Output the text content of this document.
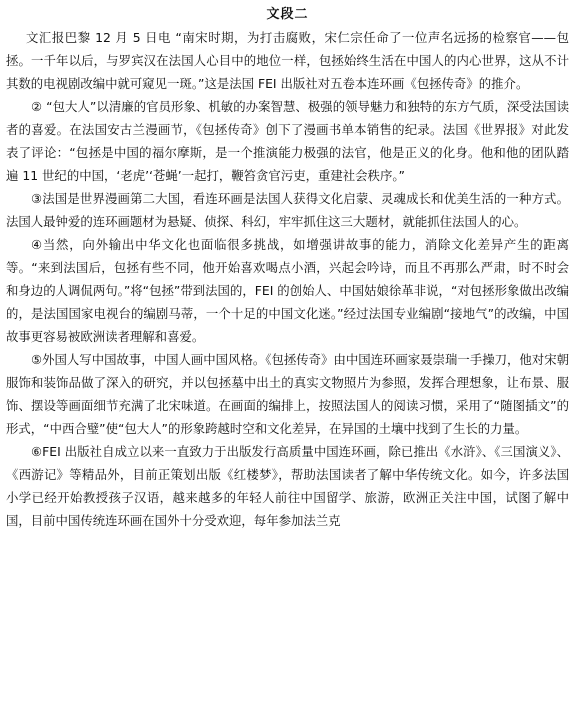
文段二

文汇报巴黎 12 月 5 日电 “南宋时期，为打击腐败，宋仁宗任命了一位声名远扬的检察官——包拯。一千年以后，与罗宾汉在法国人心目中的地位一样，包拯始终生活在中国人的内心世界，这从不计其数的电视剧改编中就可窥见一斑。”这是法国 FEI 出版社对五卷本连环画《包拯传奇》的推介。

② “包大人”以清廉的官员形象、机敏的办案智慧、极强的领导魅力和独特的东方气质，深受法国读者的喜爱。在法国安古兰漫画节，《包拯传奇》创下了漫画书单本销售的纪录。法国《世界报》对此发表了评论：“包拯是中国的福尔摩斯，是一个推演能力极强的法官，他是正义的化身。他和他的团队踏遍 11 世纪的中国，‘老虎’‘苍蝇’一起打，鞭笞贪官污吏，重建社会秩序。”

③法国是世界漫画第二大国，看连环画是法国人获得文化启蒙、灵魂成长和优美生活的一种方式。法国人最钟爱的连环画题材为悬疑、侦探、科幻，牢牢抓住这三大题材，就能抓住法国人的心。

④当然，向外输出中华文化也面临很多挑战，如增强讲故事的能力，消除文化差异产生的距离等。“来到法国后，包拯有些不同，他开始喜欢喝点小酒，兴起会吟诗，而且不再那么严肃，时不时会和身边的人调侃两句。”将“包拯”带到法国的，FEI 的创始人、中国姑娘徐革非说，“对包拯形象做出改编的，是法国国家电视台的编剧马蒂，一个十足的中国文化迷。”经过法国专业编剧“接地气”的改编，中国故事更容易被欧洲读者理解和喜爱。

⑤外国人写中国故事，中国人画中国风格。《包拯传奇》由中国连环画家聂崇瑞一手操刀，他对宋朝服饰和装饰品做了深入的研究，并以包拯墓中出土的真实文物照片为参照，发挥合理想象，让布景、服饰、摆设等画面细节充满了北宋味道。在画面的编排上，按照法国人的阅读习惯，采用了“随图插文”的形式，“中西合璧”使“包大人”的形象跨越时空和文化差异，在异国的土壤中找到了生长的力量。

⑥FEI 出版社自成立以来一直致力于出版发行高质量中国连环画，除已推出《水浒》、《三国演义》、《西游记》等精品外，目前正策划出版《红楼梦》，帮助法国读者了解中华传统文化。如今，许多法国小学已经开始教授孩子汉语，越来越多的年轻人前往中国留学、旅游，欧洲正关注中国，试图了解中国，目前中国传统连环画在国外十分受欢迎，每年参加法兰克
